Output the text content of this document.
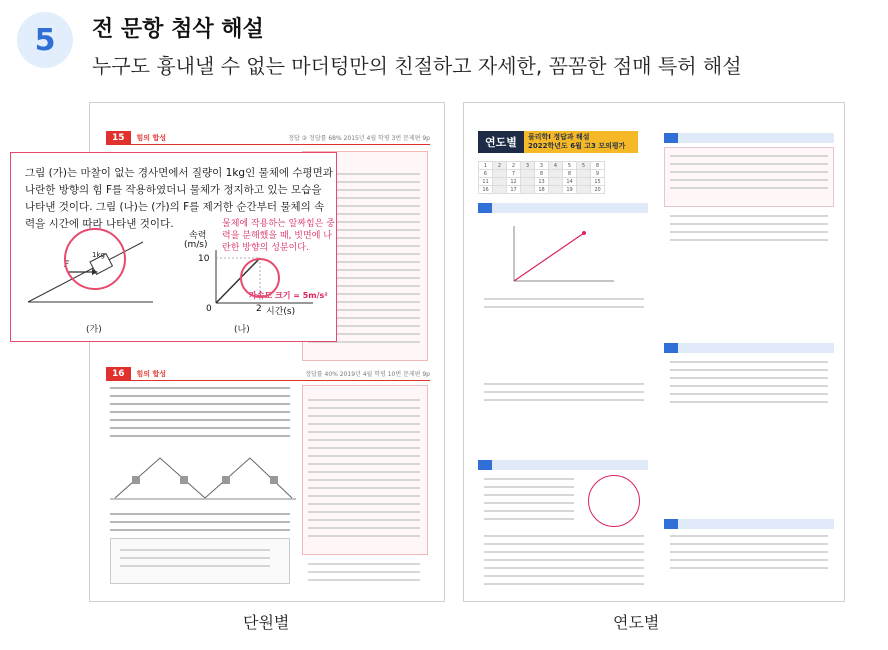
5 전 문항 첨삭 해설
누구도 흉내낼 수 없는 마더텅만의 친절하고 자세한, 꼼꼼한 점매 특허 해설
15	힘의 합성	정답 ② 정답률 68% 2015년 4월 학평 3번 문제편 9p
16	힘의 합성	정답률 40% 2019년 4월 학평 10번 문제편 9p
그림 (가)는 마찰이 없는 경사면에서 질량이 1kg인 물체에 수평면과
나란한 방향의 힘 F를 작용하였더니 물체가 정지하고 있는 모습을
나타낸 것이다. 그림 (나)는 (가)의 F를 제거한 순간부터 물체의 속
력을 시간에 따라 나타낸 것이다.	물체에 작용하는 알짜힘은 중력을 분해했을 때, 빗면에 나란한 방향의 성분이다.
F
1kg
속력
(m/s)
10
0	2 시간(s)
가속도 크기 = 5m/s²
(가)	(나)
단원별
연도별	물리학Ⅰ 정답과 해설
2022학년도 6월 고3 모의평가
1	2	2	3	3	4	5	5	8
6		7		8		8		9
11		12		13		14		15
16		17		18		19		20
연도별
